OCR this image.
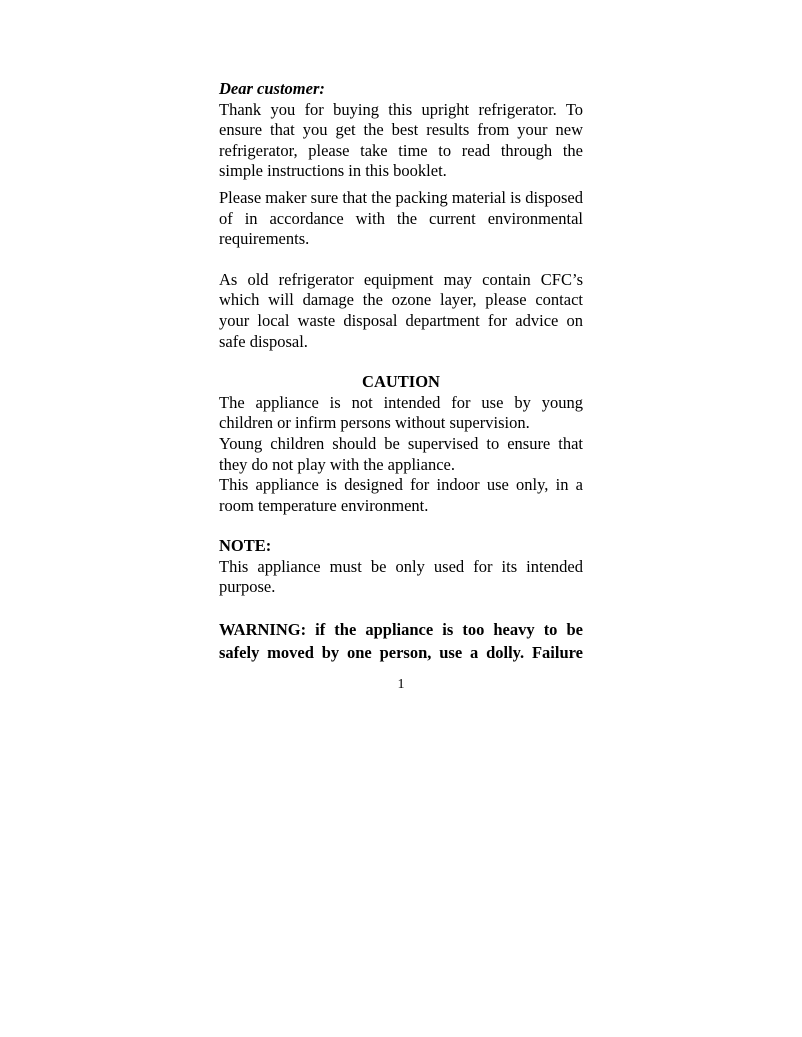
Dear customer:

Thank you for buying this upright refrigerator. To ensure that you get the best results from your new refrigerator, please take time to read through the simple instructions in this booklet.

Please maker sure that the packing material is disposed of in accordance with the current environmental requirements.

As old refrigerator equipment may contain CFC’s which will damage the ozone layer, please contact your local waste disposal department for advice on safe disposal.

CAUTION

The appliance is not intended for use by young children or infirm persons without supervision.

Young children should be supervised to ensure that they do not play with the appliance.

This appliance is designed for indoor use only, in a room temperature environment.

NOTE:

This appliance must be only used for its intended purpose.

WARNING: if the appliance is too heavy to be safely moved by one person, use a dolly. Failure

1
